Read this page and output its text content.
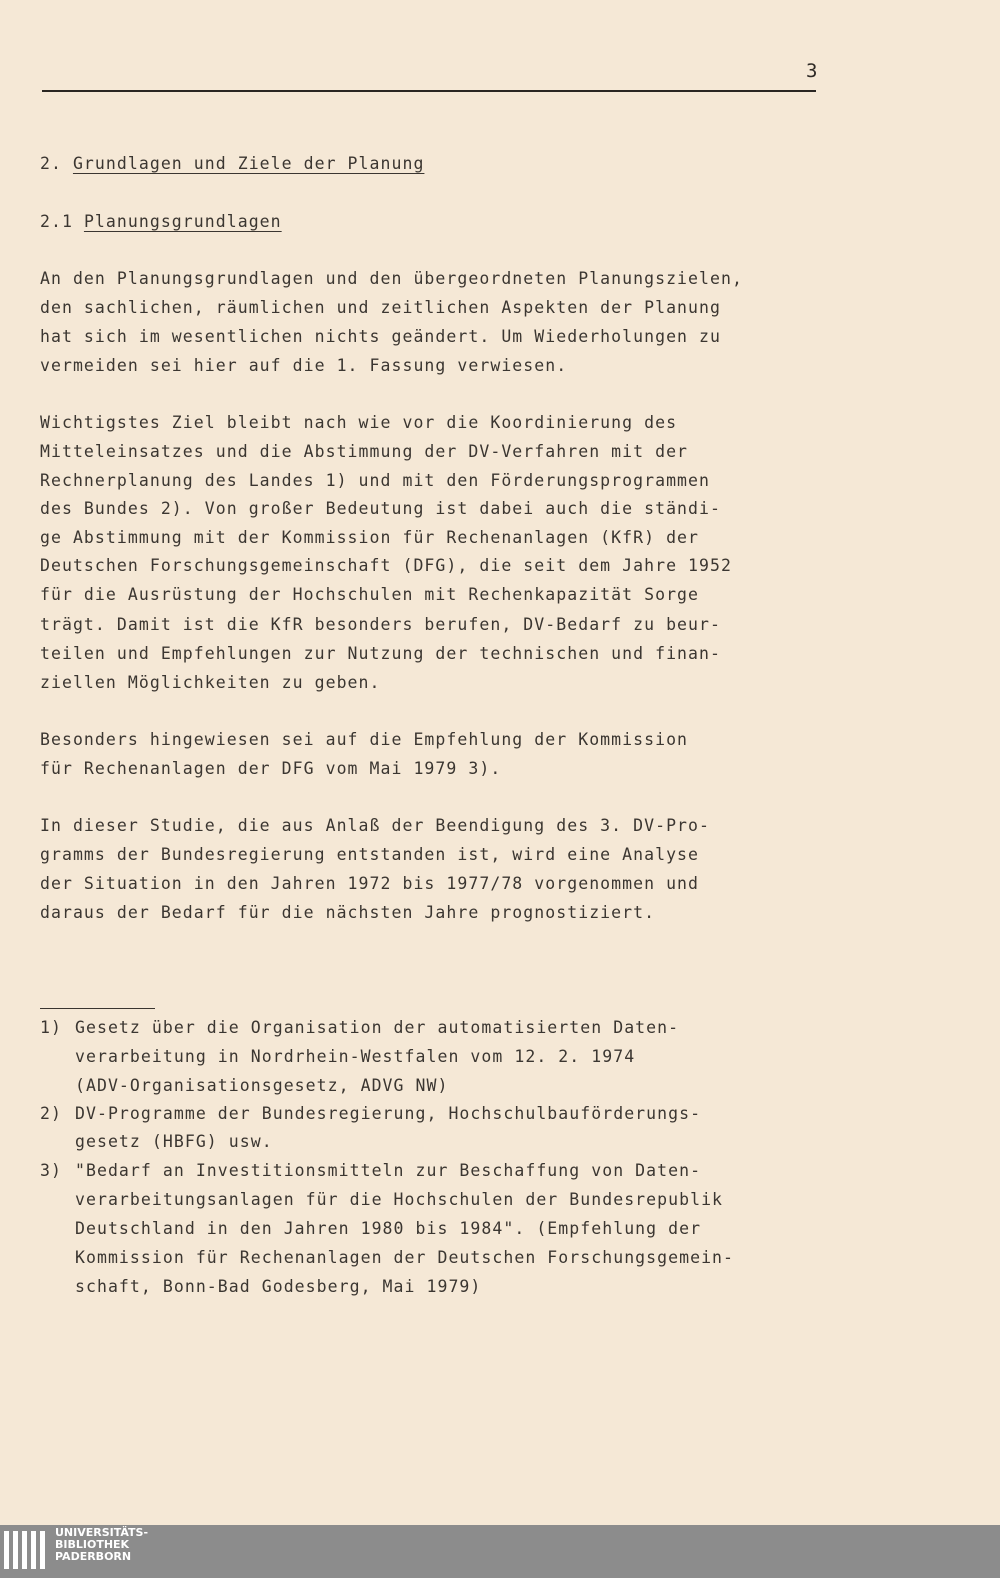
3
2. Grundlagen und Ziele der Planung
2.1 Planungsgrundlagen
An den Planungsgrundlagen und den übergeordneten Planungszielen,
den sachlichen, räumlichen und zeitlichen Aspekten der Planung
hat sich im wesentlichen nichts geändert. Um Wiederholungen zu
vermeiden sei hier auf die 1. Fassung verwiesen.
Wichtigstes Ziel bleibt nach wie vor die Koordinierung des
Mitteleinsatzes und die Abstimmung der DV-Verfahren mit der
Rechnerplanung des Landes 1) und mit den Förderungsprogrammen
des Bundes 2). Von großer Bedeutung ist dabei auch die ständi-
ge Abstimmung mit der Kommission für Rechenanlagen (KfR) der
Deutschen Forschungsgemeinschaft (DFG), die seit dem Jahre 1952
für die Ausrüstung der Hochschulen mit Rechenkapazität Sorge
trägt. Damit ist die KfR besonders berufen, DV-Bedarf zu beur-
teilen und Empfehlungen zur Nutzung der technischen und finan-
ziellen Möglichkeiten zu geben.
Besonders hingewiesen sei auf die Empfehlung der Kommission
für Rechenanlagen der DFG vom Mai 1979 3).
In dieser Studie, die aus Anlaß der Beendigung des 3. DV-Pro-
gramms der Bundesregierung entstanden ist, wird eine Analyse
der Situation in den Jahren 1972 bis 1977/78 vorgenommen und
daraus der Bedarf für die nächsten Jahre prognostiziert.
1) Gesetz über die Organisation der automatisierten Daten-
verarbeitung in Nordrhein-Westfalen vom 12. 2. 1974
(ADV-Organisationsgesetz, ADVG NW)
2) DV-Programme der Bundesregierung, Hochschulbauförderungs-
gesetz (HBFG) usw.
3) "Bedarf an Investitionsmitteln zur Beschaffung von Daten-
verarbeitungsanlagen für die Hochschulen der Bundesrepublik
Deutschland in den Jahren 1980 bis 1984". (Empfehlung der
Kommission für Rechenanlagen der Deutschen Forschungsgemein-
schaft, Bonn-Bad Godesberg, Mai 1979)
UNIVERSITÄTS-
BIBLIOTHEK
PADERBORN
